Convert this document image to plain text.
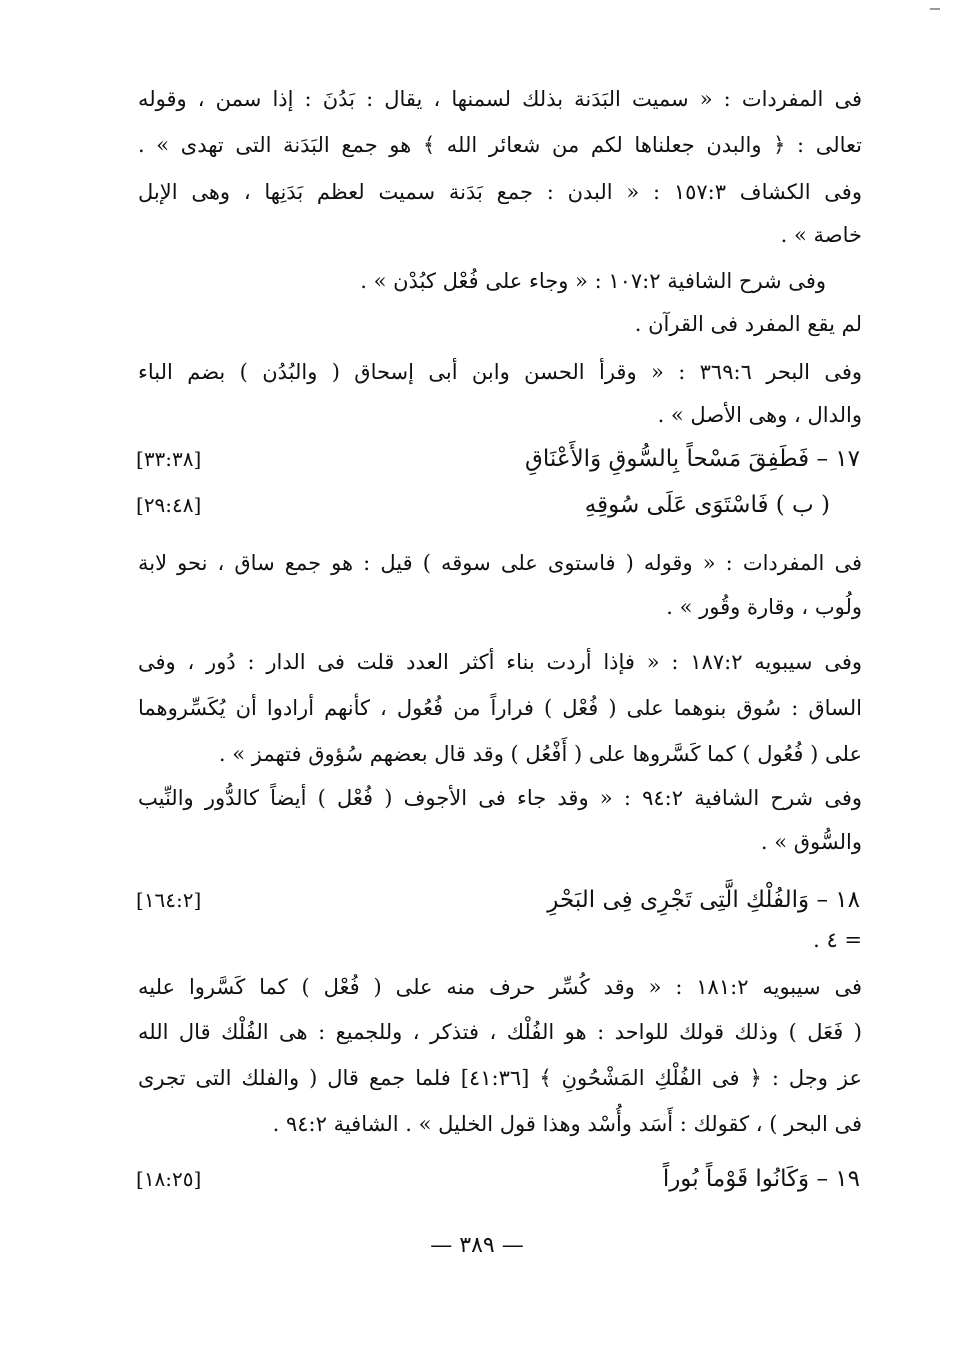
فى المفردات : « سميت البَدَنة بذلك لسمنها ، يقال : بَدُنَ : إذا سمن ، وقوله
تعالى : ﴿ والبدن جعلناها لكم من شعائر الله ﴾ هو جمع البَدَنة التى تهدى » .
وفى الكشاف ١٥٧:٣ : « البدن : جمع بَدَنة سميت لعظم بَدَنِها ، وهى الإبل
خاصة » .
وفى شرح الشافية ١٠٧:٢ : « وجاء على فُعْل كبُدْن » .
لم يقع المفرد فى القرآن .
وفى البحر ٣٦٩:٦ : « وقرأ الحسن وابن أبى إسحاق ( والبُدُن ) بضم الباء
والدال ، وهى الأصل » .
١٧ – فَطَفِقَ مَسْحاً بِالسُّوقِ وَالأَعْنَاقِ
[٣٣:٣٨]
( ب ) فَاسْتَوَى عَلَى سُوقِهِ
[٢٩:٤٨]
فى المفردات : « وقوله ( فاستوى على سوقه ) قيل : هو جمع ساق ، نحو لابة
ولُوب ، وقارة وقُور » .
وفى سيبويه ١٨٧:٢ : « فإذا أردت بناء أكثر العدد قلت فى الدار : دُور ، وفى
الساق : سُوق بنوهما على ( فُعْل ) فراراً من فُعُول ، كأنهم أرادوا أن يُكَسِّروهما
على ( فُعُول ) كما كَسَّروها على ( أَفْعُل ) وقد قال بعضهم سُؤوق فتهمز » .
وفى شرح الشافية ٩٤:٢ : « وقد جاء فى الأجوف ( فُعْل ) أيضاً كالدُّور والنِّيب
والسُّوق » .
١٨ – وَالفُلْكِ الَّتِى تَجْرِى فِى البَحْرِ
[١٦٤:٢]
= ٤ .
فى سيبويه ١٨١:٢ : « وقد كُسِّر حرف منه على ( فُعْل ) كما كَسَّروا عليه
( فَعَل ) وذلك قولك للواحد : هو الفُلْك ، فتذكر ، وللجميع : هى الفُلْك قال الله
عز وجل : ﴿ فى الفُلْكِ المَشْحُونِ ﴾ [٤١:٣٦] فلما جمع قال ( والفلك التى تجرى
فى البحر ) ، كقولك : أَسَد وأُسْد وهذا قول الخليل » . الشافية ٩٤:٢ .
١٩ – وَكَانُوا قَوْماً بُوراً
[١٨:٢٥]
— ٣٨٩ —
